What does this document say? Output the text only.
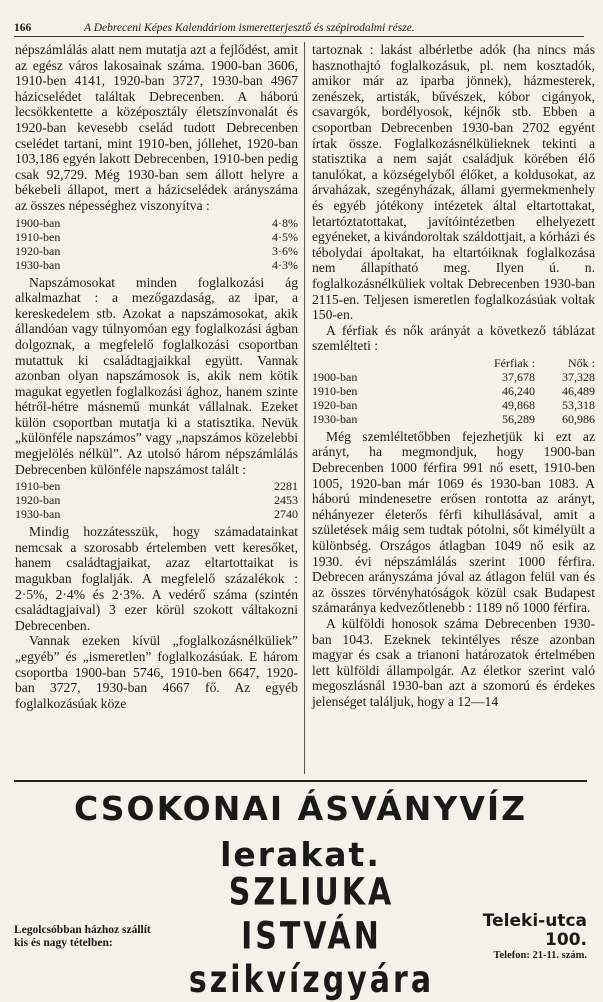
166	A Debreceni Képes Kalendáriom ismeretterjesztő és szépirodalmi része.

népszámlálás alatt nem mutatja azt a fejlődést, amit az egész város lakosainak száma. 1900-ban 3606, 1910-ben 4141, 1920-ban 3727, 1930-ban 4967 házicselédet találtak Debrecenben. A háború lecsökkentette a középosztály életszínvonalát és 1920-ban kevesebb cselád tudott Debrecenben cselédet tartani, mint 1910-ben, jóllehet, 1920-ban 103,186 egyén lakott Debrecenben, 1910-ben pedig csak 92,729. Még 1930-ban sem állott helyre a békebeli állapot, mert a házicselédek arányszáma az összes népességhez viszonyítva :

1900-ban	4·8%
1910-ben	4·5%
1920-ban	3·6%
1930-ban	4·3%

Napszámosokat minden foglalkozási ág alkalmazhat : a mezőgazdaság, az ipar, a kereskedelem stb. Azokat a napszámosokat, akik állandóan vagy túlnyomóan egy foglalkozási ágban dolgoznak, a megfelelő foglalkozási csoportban mutattuk ki családtagjaikkal együtt. Vannak azonban olyan napszámosok is, akik nem kötik magukat egyetlen foglalkozási ághoz, hanem szinte hétről-hétre másnemű munkát vállalnak. Ezeket külön csoportban mutatja ki a statisztika. Nevük „különféle napszámos” vagy „napszámos közelebbi megjelölés nélkül”. Az utolsó három népszámlálás Debrecenben különféle napszámost talált :

1910-ben	2281
1920-ban	2453
1930-ban	2740

Mindig hozzátesszük, hogy számadatainkat nemcsak a szorosabb értelemben vett keresőket, hanem családtagjaikat, azaz eltartottaikat is magukban foglalják. A megfelelő százalékok : 2·5%, 2·4% és 2·3%. A vedérő száma (szintén családtagjaival) 3 ezer körül szokott váltakozni Debrecenben.

Vannak ezeken kívül „foglalkozásnélküliek” „egyéb” és „ismeretlen” foglalkozásúak. E három csoportba 1900-ban 5746, 1910-ben 6647, 1920-ban 3727, 1930-ban 4667 fő. Az egyéb foglalkozásúak köze

tartoznak : lakást albérletbe adók (ha nincs más hasznothajtó foglalkozásuk, pl. nem kosztadók, amikor már az iparba jönnek), házmesterek, zenészek, artisták, bűvészek, kóbor cigányok, csavargók, bordélyosok, kéjnők stb. Ebben a csoportban Debrecenben 1930-ban 2702 egyént írtak össze. Foglalkozásnélkülieknek tekinti a statisztika a nem saját családjuk körében élő tanulókat, a községelyből élőket, a koldusokat, az árvaházak, szegényházak, állami gyermekmenhely és egyéb jótékony intézetek által eltartottakat, letartóztatottakat, javítóintézetben elhelyezett egyéneket, a kivándoroltak száldottjait, a kórházi és tébolydai ápoltakat, ha eltartóiknak foglalkozása nem állapítható meg. Ilyen ú. n. foglalkozásnélküliek voltak Debrecenben 1930-ban 2115-en. Teljesen ismeretlen foglalkozásúak voltak 150-en.

A férfiak és nők arányát a következő táblázat szemlélteti :

	Férfiak :	Nők :
1900-ban	37,678	37,328
1910-ben	46,240	46,489
1920-ban	49,868	53,318
1930-ban	56,289	60,986

Még szemléltetőbben fejezhetjük ki ezt az arányt, ha megmondjuk, hogy 1900-ban Debrecenben 1000 férfira 991 nő esett, 1910-ben 1005, 1920-ban már 1069 és 1930-ban 1083. A háború mindenesetre erősen rontotta az arányt, néhányezer életerős férfi kihullásával, amit a születések máig sem tudtak pótolni, sőt kimélyült a különbség. Országos átlagban 1049 nő esik az 1930. évi népszámlálás szerint 1000 férfira. Debrecen arányszáma jóval az átlagon felül van és az összes törvényhatóságok közül csak Budapest számaránya kedvezőtlenebb : 1189 nő 1000 férfira.

A külföldi honosok száma Debrecenben 1930-ban 1043. Ezeknek tekintélyes része azonban magyar és csak a trianoni határozatok értelmében lett külföldi állampolgár. Az életkor szerint való megoszlásnál 1930-ban azt a szomorú és érdekes jelenséget találjuk, hogy a 12—14

CSOKONAI ÁSVÁNYVÍZ lerakat.
Legolcsóbban házhoz szállít kis és nagy tételben:
SZLIUKA ISTVÁN szikvízgyára
Teleki-utca 100.
Telefon: 21-11. szám.
